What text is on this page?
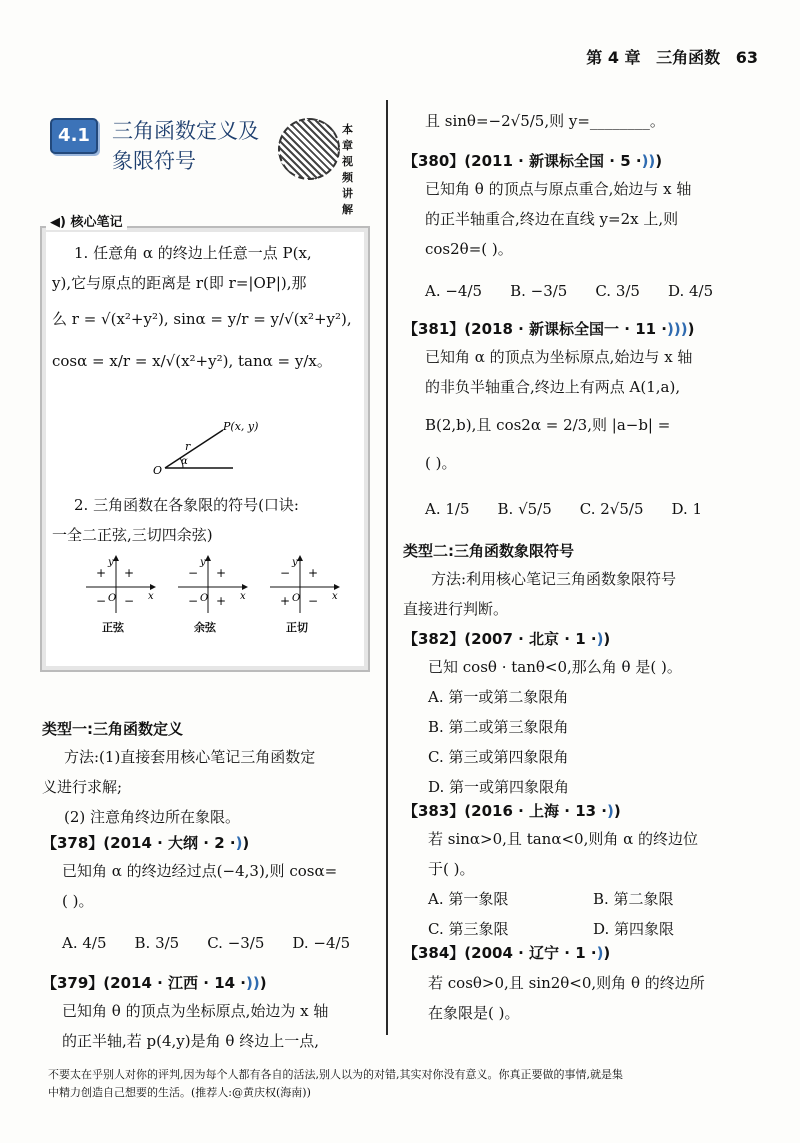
第 4 章 三角函数 63
4.1	三角函数定义及
象限符号
本章视频讲解
◀) 核心笔记
1. 任意角 α 的终边上任意一点 P(x,
y),它与原点的距离是 r(即 r=|OP|),那
么 r = √(x²+y²), sinα = y/r = y/√(x²+y²),
cosα = x/r = x/√(x²+y²), tanα = y/x。
O
r
α
P(x, y)
2. 三角函数在各象限的符号(口诀:
一全二正弦,三切四余弦)
O
y
x
+ +
− −
正弦
O
y
x
− +
− +
余弦
O
y
x
− +
+ −
正切
类型一:三角函数定义
方法:(1)直接套用核心笔记三角函数定
义进行求解;
(2) 注意角终边所在象限。
【378】(2014 · 大纲 · 2 ·))
已知角 α 的终边经过点(−4,3),则 cosα=
( )。
A. 4/5 B. 3/5 C. −3/5 D. −4/5
【379】(2014 · 江西 · 14 ·)))
已知角 θ 的顶点为坐标原点,始边为 x 轴
的正半轴,若 p(4,y)是角 θ 终边上一点,
且 sinθ=−2√5/5,则 y=________。
【380】(2011 · 新课标全国 · 5 ·)))
已知角 θ 的顶点与原点重合,始边与 x 轴
的正半轴重合,终边在直线 y=2x 上,则
cos2θ=( )。
A. −4/5 B. −3/5 C. 3/5 D. 4/5
【381】(2018 · 新课标全国一 · 11 ·))))
已知角 α 的顶点为坐标原点,始边与 x 轴
的非负半轴重合,终边上有两点 A(1,a),
B(2,b),且 cos2α = 2/3,则 |a−b| =
( )。
A. 1/5 B. √5/5 C. 2√5/5 D. 1
类型二:三角函数象限符号
方法:利用核心笔记三角函数象限符号
直接进行判断。
【382】(2007 · 北京 · 1 ·))
已知 cosθ · tanθ<0,那么角 θ 是( )。
A. 第一或第二象限角
B. 第二或第三象限角
C. 第三或第四象限角
D. 第一或第四象限角
【383】(2016 · 上海 · 13 ·))
若 sinα>0,且 tanα<0,则角 α 的终边位
于( )。
A. 第一象限	B. 第二象限
C. 第三象限	D. 第四象限
【384】(2004 · 辽宁 · 1 ·))
若 cosθ>0,且 sin2θ<0,则角 θ 的终边所
在象限是( )。
不要太在乎别人对你的评判,因为每个人都有各自的活法,别人以为的对错,其实对你没有意义。你真正要做的事情,就是集
中精力创造自己想要的生活。(推荐人:@黄庆权(海南))
